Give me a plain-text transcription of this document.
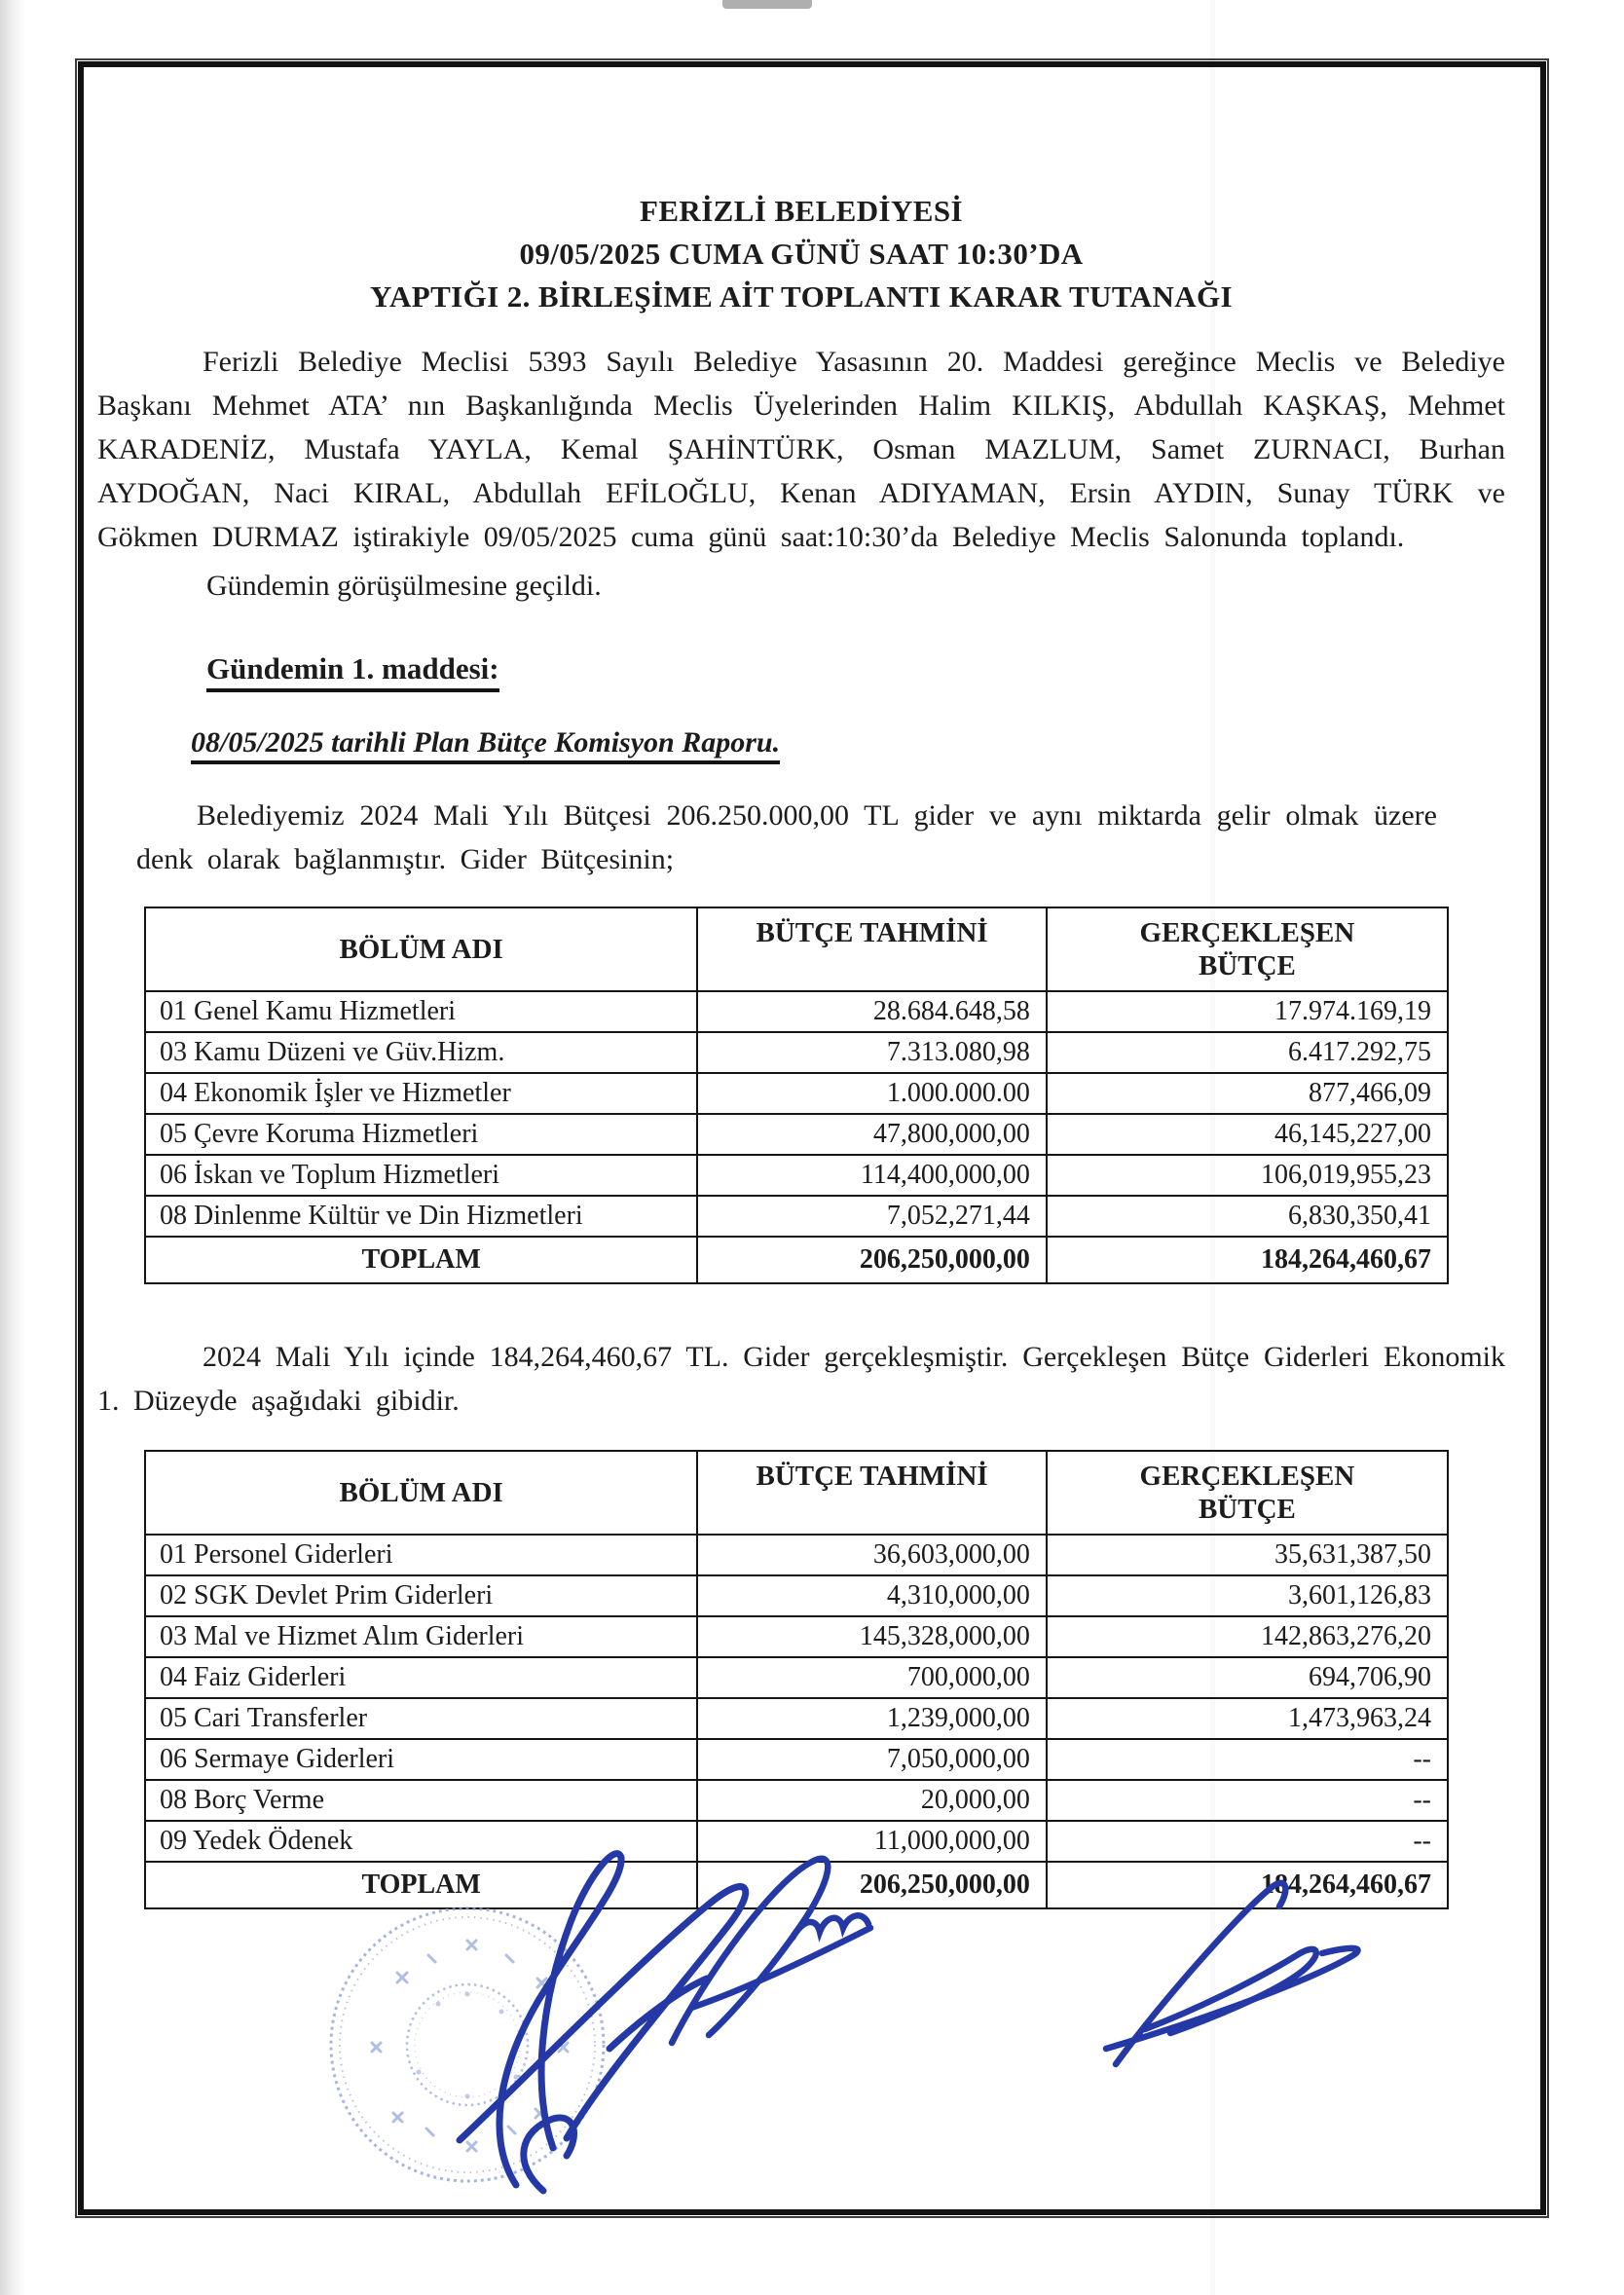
FERİZLİ BELEDİYESİ
09/05/2025 CUMA GÜNÜ SAAT 10:30’DA
YAPTIĞI 2. BİRLEŞİME AİT TOPLANTI KARAR TUTANAĞI

Ferizli Belediye Meclisi 5393 Sayılı Belediye Yasasının 20. Maddesi gereğince Meclis ve Belediye Başkanı Mehmet ATA’ nın Başkanlığında Meclis Üyelerinden Halim KILKIŞ, Abdullah KAŞKAŞ, Mehmet KARADENİZ, Mustafa YAYLA, Kemal ŞAHİNTÜRK, Osman MAZLUM, Samet ZURNACI, Burhan AYDOĞAN, Naci KIRAL, Abdullah EFİLOĞLU, Kenan ADIYAMAN, Ersin AYDIN, Sunay TÜRK ve Gökmen DURMAZ iştirakiyle 09/05/2025 cuma günü saat:10:30’da Belediye Meclis Salonunda toplandı.

Gündemin görüşülmesine geçildi.

Gündemin 1. maddesi:

08/05/2025 tarihli Plan Bütçe Komisyon Raporu.

Belediyemiz 2024 Mali Yılı Bütçesi 206.250.000,00 TL gider ve aynı miktarda gelir olmak üzere denk olarak bağlanmıştır. Gider Bütçesinin;

BÖLÜM ADI	BÜTÇE TAHMİNİ	GERÇEKLEŞEN BÜTÇE
01 Genel Kamu Hizmetleri	28.684.648,58	17.974.169,19
03 Kamu Düzeni ve Güv.Hizm.	7.313.080,98	6.417.292,75
04 Ekonomik İşler ve Hizmetler	1.000.000.00	877,466,09
05 Çevre Koruma Hizmetleri	47,800,000,00	46,145,227,00
06 İskan ve Toplum Hizmetleri	114,400,000,00	106,019,955,23
08 Dinlenme Kültür ve Din Hizmetleri	7,052,271,44	6,830,350,41
TOPLAM	206,250,000,00	184,264,460,67

2024 Mali Yılı içinde 184,264,460,67 TL. Gider gerçekleşmiştir. Gerçekleşen Bütçe Giderleri Ekonomik 1. Düzeyde aşağıdaki gibidir.

BÖLÜM ADI	BÜTÇE TAHMİNİ	GERÇEKLEŞEN BÜTÇE
01 Personel Giderleri	36,603,000,00	35,631,387,50
02 SGK Devlet Prim Giderleri	4,310,000,00	3,601,126,83
03 Mal ve Hizmet Alım Giderleri	145,328,000,00	142,863,276,20
04 Faiz Giderleri	700,000,00	694,706,90
05 Cari Transferler	1,239,000,00	1,473,963,24
06 Sermaye Giderleri	7,050,000,00	--
08 Borç Verme	20,000,00	--
09 Yedek Ödenek	11,000,000,00	--
TOPLAM	206,250,000,00	184,264,460,67
